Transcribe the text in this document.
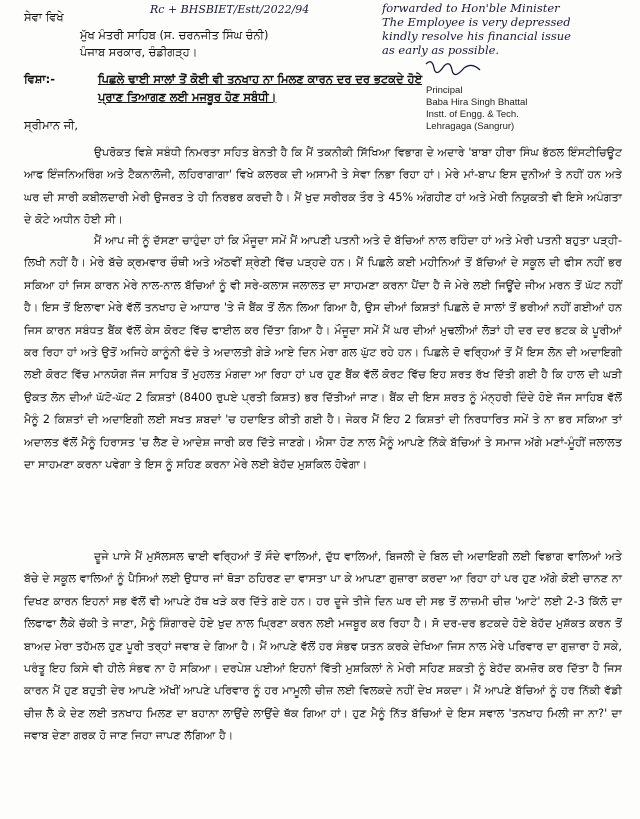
Rc + BHSBIET/Estt/2022/94	forwarded to Hon'ble Minister
The Employee is very depressed
kindly resolve his financial issue
as early as possible.
ਸੇਵਾ ਵਿਖੇ
ਮੁੱਖ ਮੰਤਰੀ ਸਾਹਿਬ (ਸ. ਚਰਨਜੀਤ ਸਿੰਘ ਚੰਨੀ)
ਪੰਜਾਬ ਸਰਕਾਰ, ਚੰਡੀਗੜ੍ਹ।
Principal
Baba Hira Singh Bhattal
Instt. of Engg. & Tech.
Lehragaga (Sangrur)
ਵਿਸ਼ਾ:-	ਪਿਛਲੇ ਢਾਈ ਸਾਲਾਂ ਤੋਂ ਕੋਈ ਵੀ ਤਨਖਾਹ ਨਾ ਮਿਲਣ ਕਾਰਨ ਦਰ ਦਰ ਭਟਕਦੇ ਹੋਏ ਪ੍ਰਾਣ ਤਿਆਗਣ ਲਈ ਮਜਬੂਰ ਹੋਣ ਸਬੰਧੀ।
ਸ੍ਰੀਮਾਨ ਜੀ,
ਉਪਰੋਕਤ ਵਿਸ਼ੇ ਸਬੰਧੀ ਨਿਮਰਤਾ ਸਹਿਤ ਬੇਨਤੀ ਹੈ ਕਿ ਮੈਂ ਤਕਨੀਕੀ ਸਿੱਖਿਆ ਵਿਭਾਗ ਦੇ ਅਦਾਰੇ 'ਬਾਬਾ ਹੀਰਾ ਸਿੰਘ ਭੱਠਲ ਇੰਸਟੀਚਿਊਟ ਆਫ ਇੰਜਨਿਅਰਿੰਗ ਅਤੇ ਟੈਕਨਾਲੋਜੀ, ਲਹਿਰਾਗਾਗਾ' ਵਿਖੇ ਕਲਰਕ ਦੀ ਅਸਾਮੀ ਤੇ ਸੇਵਾ ਨਿਭਾ ਰਿਹਾ ਹਾਂ। ਮੇਰੇ ਮਾਂ-ਬਾਪ ਇਸ ਦੁਨੀਆਂ ਤੇ ਨਹੀਂ ਹਨ ਅਤੇ ਘਰ ਦੀ ਸਾਰੀ ਕਬੀਲਦਾਰੀ ਮੇਰੀ ਉਜਰਤ ਤੇ ਹੀ ਨਿਰਭਰ ਕਰਦੀ ਹੈ। ਮੈਂ ਖੁਦ ਸਰੀਰਕ ਤੌਰ ਤੇ 45% ਅੰਗਹੀਣ ਹਾਂ ਅਤੇ ਮੇਰੀ ਨਿਯੁਕਤੀ ਵੀ ਇਸੇ ਅਪੰਗਤਾ ਦੇ ਕੋਟੇ ਅਧੀਨ ਹੋਈ ਸੀ।
ਮੈਂ ਆਪ ਜੀ ਨੂੰ ਦੱਸਣਾ ਚਾਹੁੰਦਾ ਹਾਂ ਕਿ ਮੌਜੂਦਾ ਸਮੇਂ ਮੈਂ ਆਪਣੀ ਪਤਨੀ ਅਤੇ ਦੋ ਬੱਚਿਆਂ ਨਾਲ ਰਹਿੰਦਾ ਹਾਂ ਅਤੇ ਮੇਰੀ ਪਤਨੀ ਬਹੁਤਾ ਪੜ੍ਹੀ-ਲਿਖੀ ਨਹੀਂ ਹੈ। ਮੇਰੇ ਬੱਚੇ ਕ੍ਰਮਵਾਰ ਚੌਥੀ ਅਤੇ ਅੱਠਵੀਂ ਸ਼੍ਰੇਣੀ ਵਿੱਚ ਪੜ੍ਹਦੇ ਹਨ। ਮੈਂ ਪਿਛਲੇ ਕਈ ਮਹੀਨਿਆਂ ਤੋਂ ਬੱਚਿਆਂ ਦੇ ਸਕੂਲ ਦੀ ਫੀਸ ਨਹੀਂ ਭਰ ਸਕਿਆ ਹਾਂ ਜਿਸ ਕਾਰਨ ਮੇਰੇ ਨਾਲ-ਨਾਲ ਬੱਚਿਆਂ ਨੂੰ ਵੀ ਸਰੇ-ਕਲਾਸ ਜਲਾਲਤ ਦਾ ਸਾਹਮਣਾ ਕਰਨਾ ਪੈਂਦਾ ਹੈ ਜੋ ਮੇਰੇ ਲਈ ਜਿਊਂਦੇ ਜੀਅ ਮਰਨ ਤੋਂ ਘੱਟ ਨਹੀਂ ਹੈ। ਇਸ ਤੋਂ ਇਲਾਵਾ ਮੇਰੇ ਵੱਲੋਂ ਤਨਖਾਹ ਦੇ ਆਧਾਰ 'ਤੇ ਜੋ ਬੈਂਕ ਤੋਂ ਲੋਨ ਲਿਆ ਗਿਆ ਹੈ, ਉਸ ਦੀਆਂ ਕਿਸ਼ਤਾਂ ਪਿਛਲੇ ਦੋ ਸਾਲਾਂ ਤੋਂ ਭਰੀਆਂ ਨਹੀਂ ਗਈਆਂ ਹਨ ਜਿਸ ਕਾਰਨ ਸਬੰਧਤ ਬੈਂਕ ਵੱਲੋਂ ਕੇਸ ਕੋਰਟ ਵਿੱਚ ਫਾਈਲ ਕਰ ਦਿੱਤਾ ਗਿਆ ਹੈ। ਮੌਜੂਦਾ ਸਮੇਂ ਮੈਂ ਘਰ ਦੀਆਂ ਮੁਢਲੀਆਂ ਲੋੜਾਂ ਹੀ ਦਰ ਦਰ ਭਟਕ ਕੇ ਪੂਰੀਆਂ ਕਰ ਰਿਹਾ ਹਾਂ ਅਤੇ ਉਤੋਂ ਅਜਿਹੇ ਕਾਨੂੰਨੀ ਫੰਦੇ ਤੇ ਅਦਾਲਤੀ ਗੇੜੇ ਆਏ ਦਿਨ ਮੇਰਾ ਗਲ ਘੁੱਟ ਰਹੇ ਹਨ। ਪਿਛਲੇ ਦੋ ਵਰ੍ਹਿਆਂ ਤੋਂ ਮੈਂ ਇਸ ਲੋਨ ਦੀ ਅਦਾਇਗੀ ਲਈ ਕੋਰਟ ਵਿੱਚ ਮਾਨਯੋਗ ਜੱਜ ਸਾਹਿਬ ਤੋਂ ਮੁਹਲਤ ਮੰਗਦਾ ਆ ਰਿਹਾ ਹਾਂ ਪਰ ਹੁਣ ਬੈਂਕ ਵੱਲੋਂ ਕੋਰਟ ਵਿੱਚ ਇਹ ਸ਼ਰਤ ਰੱਖ ਦਿੱਤੀ ਗਈ ਹੈ ਕਿ ਹਾਲ ਦੀ ਘੜੀ ਉਕਤ ਲੋਨ ਦੀਆਂ ਘੱਟੋ-ਘੱਟ 2 ਕਿਸ਼ਤਾਂ (8400 ਰੁਪਏ ਪ੍ਰਤੀ ਕਿਸ਼ਤ) ਭਰ ਦਿੱਤੀਆਂ ਜਾਣ। ਬੈਂਕ ਦੀ ਇਸ ਸ਼ਰਤ ਨੂੰ ਮੰਨ੍ਹਰੀ ਦਿੰਦੇ ਹੋਏ ਜੱਜ ਸਾਹਿਬ ਵੱਲੋਂ ਮੈਨੂੰ 2 ਕਿਸ਼ਤਾਂ ਦੀ ਅਦਾਇਗੀ ਲਈ ਸਖਤ ਸ਼ਬਦਾਂ 'ਚ ਹਦਾਇਤ ਕੀਤੀ ਗਈ ਹੈ। ਜੇਕਰ ਮੈਂ ਇਹ 2 ਕਿਸ਼ਤਾਂ ਦੀ ਨਿਰਧਾਰਿਤ ਸਮੇਂ ਤੇ ਨਾ ਭਰ ਸਕਿਆ ਤਾਂ ਅਦਾਲਤ ਵੱਲੋਂ ਮੈਨੂੰ ਹਿਰਾਸਤ 'ਚ ਲੈਣ ਦੇ ਆਦੇਸ਼ ਜਾਰੀ ਕਰ ਦਿੱਤੇ ਜਾਣਗੇ। ਐਸਾ ਹੋਣ ਨਾਲ ਮੈਨੂੰ ਆਪਣੇ ਨਿੱਕੇ ਬੱਚਿਆਂ ਤੇ ਸਮਾਜ ਅੱਗੇ ਮਣਾਂ-ਮੂੰਹੀਂ ਜਲਾਲਤ ਦਾ ਸਾਹਮਣਾ ਕਰਨਾ ਪਵੇਗਾ ਤੇ ਇਸ ਨੂੰ ਸਹਿਣ ਕਰਨਾ ਮੇਰੇ ਲਈ ਬੇਹੱਦ ਮੁਸ਼ਕਿਲ ਹੋਵੇਗਾ।
ਦੂਜੇ ਪਾਸੇ ਮੈਂ ਮੁਸੱਲਸਲ ਢਾਈ ਵਰ੍ਹਿਆਂ ਤੋਂ ਸੌਦੇ ਵਾਲਿਆਂ, ਦੁੱਧ ਵਾਲਿਆਂ, ਬਿਜਲੀ ਦੇ ਬਿਲ ਦੀ ਅਦਾਇਗੀ ਲਈ ਵਿਭਾਗ ਵਾਲਿਆਂ ਅਤੇ ਬੱਚੇ ਦੇ ਸਕੂਲ ਵਾਲਿਆਂ ਨੂੰ ਪੈਸਿਆਂ ਲਈ ਉਧਾਰ ਜਾਂ ਥੋੜਾ ਠਹਿਰਣ ਦਾ ਵਾਸਤਾ ਪਾ ਕੇ ਆਪਣਾ ਗੁਜ਼ਾਰਾ ਕਰਦਾ ਆ ਰਿਹਾ ਹਾਂ ਪਰ ਹੁਣ ਅੱਗੇ ਕੋਈ ਚਾਨਣ ਨਾ ਦਿਖਣ ਕਾਰਨ ਇਹਨਾਂ ਸਭ ਵੱਲੋਂ ਵੀ ਆਪਣੇ ਹੱਥ ਖੜੇ ਕਰ ਦਿੱਤੇ ਗਏ ਹਨ। ਹਰ ਦੂਜੇ ਤੀਜੇ ਦਿਨ ਘਰ ਦੀ ਸਭ ਤੋਂ ਲਾਜ਼ਮੀ ਚੀਜ਼ 'ਆਟੇ' ਲਈ 2-3 ਕਿੱਲੋ ਦਾ ਲਿਫਾਫਾ ਲੈਕੇ ਚੱਕੀ ਤੇ ਜਾਣਾ, ਮੈਨੂੰ ਸ਼ਿੰਗਾਰਦੇ ਹੋਏ ਖੁਦ ਨਾਲ ਘ੍ਰਿਣਾ ਕਰਨ ਲਈ ਮਜਬੂਰ ਕਰ ਰਿਹਾ ਹੈ। ਸੋ ਦਰ-ਦਰ ਭਟਕਦੇ ਹੋਏ ਬੇਹੱਦ ਮੁਸ਼ੱਕਤ ਕਰਨ ਤੋਂ ਬਾਅਦ ਮੇਰਾ ਤਹੱਮਲ ਹੁਣ ਪੂਰੀ ਤਰ੍ਹਾਂ ਜਵਾਬ ਦੇ ਗਿਆ ਹੈ। ਮੈਂ ਆਪਣੇ ਵੱਲੋਂ ਹਰ ਸੰਭਵ ਯਤਨ ਕਰਕੇ ਦੇਖਿਆ ਜਿਸ ਨਾਲ ਮੇਰੇ ਪਰਿਵਾਰ ਦਾ ਗੁਜ਼ਾਰਾ ਹੋ ਸਕੇ, ਪਰੰਤੂ ਇਹ ਕਿਸੇ ਵੀ ਹੀਲੇ ਸੰਭਵ ਨਾ ਹੋ ਸਕਿਆ। ਦਰਪੇਸ਼ ਪਈਆਂ ਇਹਨਾਂ ਵਿੱਤੀ ਮੁਸ਼ਕਿਲਾਂ ਨੇ ਮੇਰੀ ਸਹਿਣ ਸ਼ਕਤੀ ਨੂੰ ਬੇਹੱਦ ਕਮਜ਼ੋਰ ਕਰ ਦਿੱਤਾ ਹੈ ਜਿਸ ਕਾਰਨ ਮੈਂ ਹੁਣ ਬਹੁਤੀ ਦੇਰ ਆਪਣੇ ਅੱਖੀਂ ਆਪਣੇ ਪਰਿਵਾਰ ਨੂੰ ਹਰ ਮਾਮੂਲੀ ਚੀਜ਼ ਲਈ ਵਿਲਕਦੇ ਨਹੀਂ ਦੇਖ ਸਕਦਾ। ਮੈਂ ਆਪਣੇ ਬੱਚਿਆਂ ਨੂੰ ਹਰ ਨਿੱਕੀ ਵੱਡੀ ਚੀਜ਼ ਲੈ ਕੇ ਦੇਣ ਲਈ ਤਨਖਾਹ ਮਿਲਣ ਦਾ ਬਹਾਨਾ ਲਾਉਂਦੇ ਲਾਉਂਦੇ ਥੱਕ ਗਿਆ ਹਾਂ। ਹੁਣ ਮੈਨੂੰ ਨਿੱਤ ਬੱਚਿਆਂ ਦੇ ਇਸ ਸਵਾਲ 'ਤਨਖਾਹ ਮਿਲੀ ਜਾ ਨਾ?' ਦਾ ਜਵਾਬ ਦੇਣਾ ਗਰਕ ਹੋ ਜਾਣ ਜਿਹਾ ਜਾਪਣ ਲੱਗਿਆ ਹੈ।
